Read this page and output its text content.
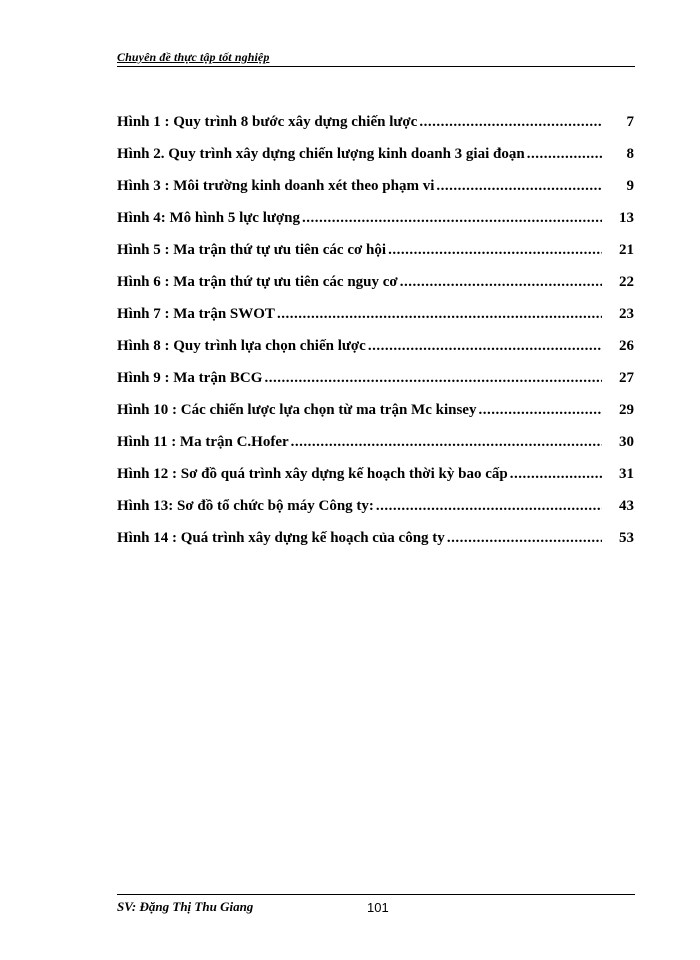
Chuyên đề thực tập tốt nghiệp
Hình 1 : Quy trình 8 bước xây dựng chiến lược .....	7
Hình 2. Quy trình xây dựng chiến lượng kinh doanh 3 giai đoạn .....	8
Hình 3 : Môi trường kinh doanh xét theo phạm vi .....	9
Hình 4: Mô hình 5 lực lượng .....	13
Hình 5 : Ma trận thứ tự ưu tiên các cơ hội .....	21
Hình 6 : Ma trận thứ tự ưu tiên các nguy cơ .....	22
Hình 7 : Ma trận SWOT .....	23
Hình 8 : Quy trình lựa chọn chiến lược .....	26
Hình 9 : Ma trận BCG .....	27
Hình 10 : Các chiến lược lựa chọn từ ma trận Mc kinsey .....	29
Hình 11 : Ma trận C.Hofer .....	30
Hình 12 : Sơ đồ quá trình xây dựng kế hoạch thời kỳ bao cấp .....	31
Hình 13: Sơ đồ tổ chức bộ máy Công ty: .....	43
Hình 14 : Quá trình xây dựng kế hoạch của công ty .....	53
SV: Đặng Thị Thu Giang	101
